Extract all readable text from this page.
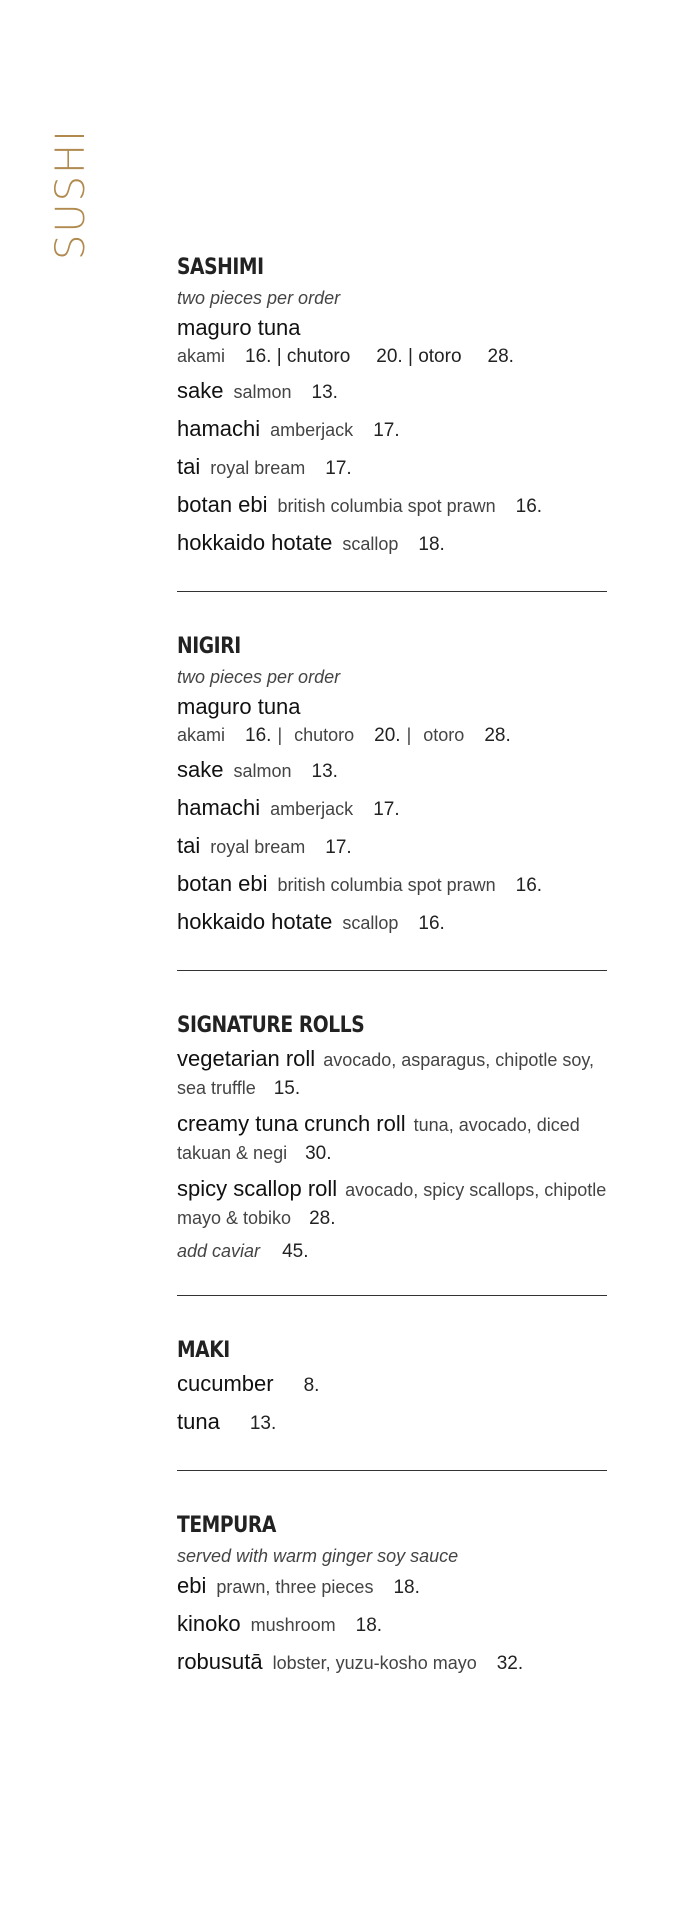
SUSHI
SASHIMI
two pieces per order
maguro tuna
akami 16. | chutoro 20. | otoro 28.
sake salmon 13.
hamachi amberjack 17.
tai royal bream 17.
botan ebi british columbia spot prawn 16.
hokkaido hotate scallop 18.
NIGIRI
two pieces per order
maguro tuna
akami 16. | chutoro 20. | otoro 28.
sake salmon 13.
hamachi amberjack 17.
tai royal bream 17.
botan ebi british columbia spot prawn 16.
hokkaido hotate scallop 16.
SIGNATURE ROLLS
vegetarian roll avocado, asparagus, chipotle soy, sea truffle 15.
creamy tuna crunch roll tuna, avocado, diced takuan & negi 30.
spicy scallop roll avocado, spicy scallops, chipotle mayo & tobiko 28.
add caviar 45.
MAKI
cucumber 8.
tuna 13.
TEMPURA
served with warm ginger soy sauce
ebi prawn, three pieces 18.
kinoko mushroom 18.
robusutā lobster, yuzu-kosho mayo 32.
